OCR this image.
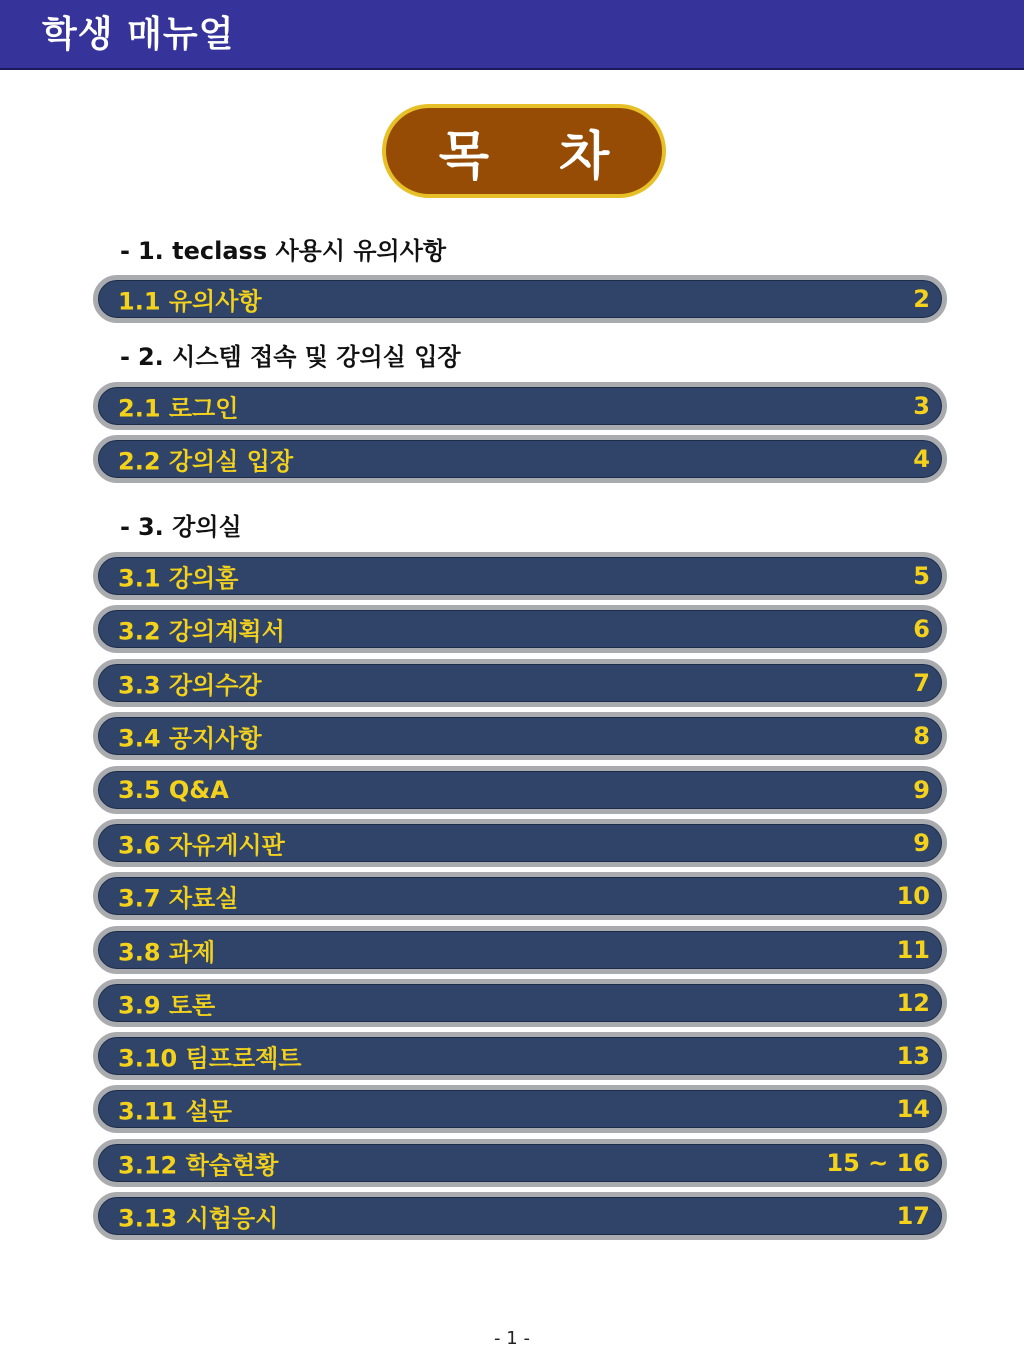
학생 매뉴얼
목 차
- 1. teclass 사용시 유의사항
1.1 유의사항	2
- 2. 시스템 접속 및 강의실 입장
2.1 로그인	3
2.2 강의실 입장	4
- 3. 강의실
3.1 강의홈	5
3.2 강의계획서	6
3.3 강의수강	7
3.4 공지사항	8
3.5 Q&A	9
3.6 자유게시판	9
3.7 자료실	10
3.8 과제	11
3.9 토론	12
3.10 팀프로젝트	13
3.11 설문	14
3.12 학습현황	15 ~ 16
3.13 시험응시	17
- 1 -
